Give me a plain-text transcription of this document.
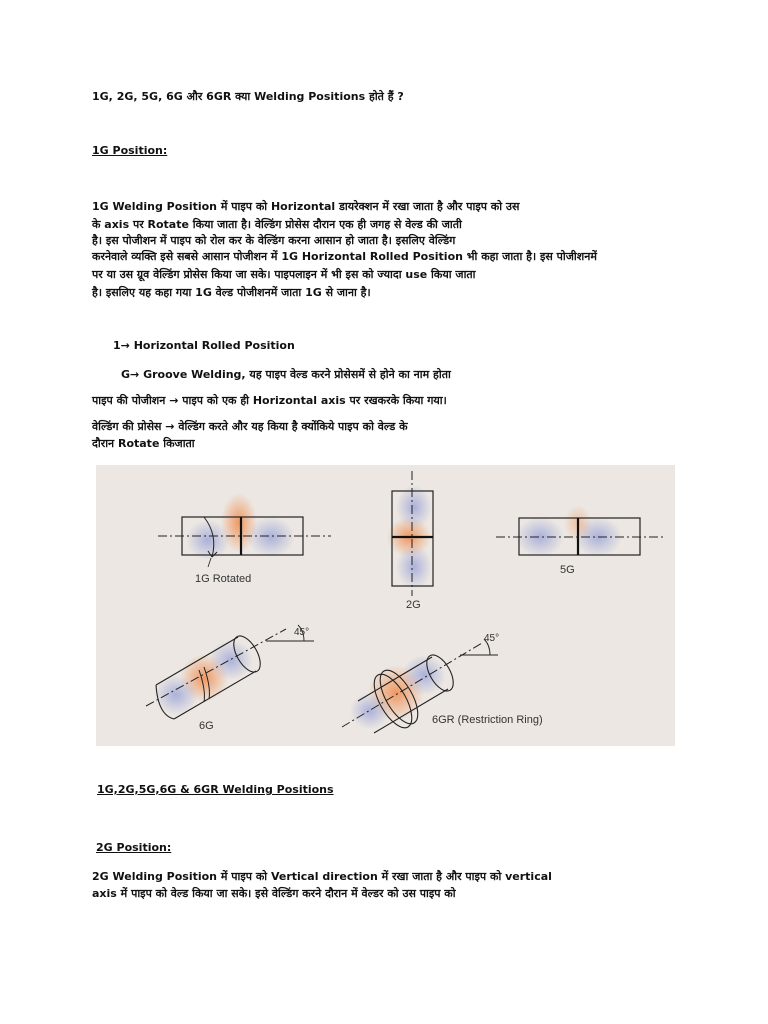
1G, 2G, 5G, 6G और 6GR क्या Welding Positions होते हैं ?
1G Position:
1G Welding Position में पाइप को Horizontal डायरेक्शन में रखा जाता है और पाइप को उस
के axis पर Rotate किया जाता है। वेल्डिंग प्रोसेस दौरान एक ही जगह से वेल्ड की जाती
है। इस पोजीशन में पाइप को रोल कर के वेल्डिंग करना आसान हो जाता है। इसलिए वेल्डिंग
करनेवाले व्यक्ति इसे सबसे आसान पोजीशन में 1G Horizontal Rolled Position भी कहा जाता है। इस पोजीशनमें
पर या उस ग्रूव वेल्डिंग प्रोसेस किया जा सके। पाइपलाइन में भी इस को ज्यादा use किया जाता
है। इसलिए यह कहा गया 1G वेल्ड पोजीशनमें जाता 1G से जाना है।
1→ Horizontal Rolled Position
G→ Groove Welding, यह पाइप वेल्ड करने प्रोसेसमें से होने का नाम होता
पाइप की पोजीशन → पाइप को एक ही Horizontal axis पर रखकरके किया गया।
वेल्डिंग की प्रोसेस → वेल्डिंग करते और यह किया है क्योंकिये पाइप को वेल्ड के
दौरान Rotate किजाता
1G Rotated
2G
5G
6G
45°
6GR (Restriction Ring)
45°
1G,2G,5G,6G & 6GR Welding Positions
2G Position:
2G Welding Position में पाइप को Vertical direction में रखा जाता है और पाइप को vertical
axis में पाइप को वेल्ड किया जा सके। इसे वेल्डिंग करने दौरान में वेल्डर को उस पाइप को
